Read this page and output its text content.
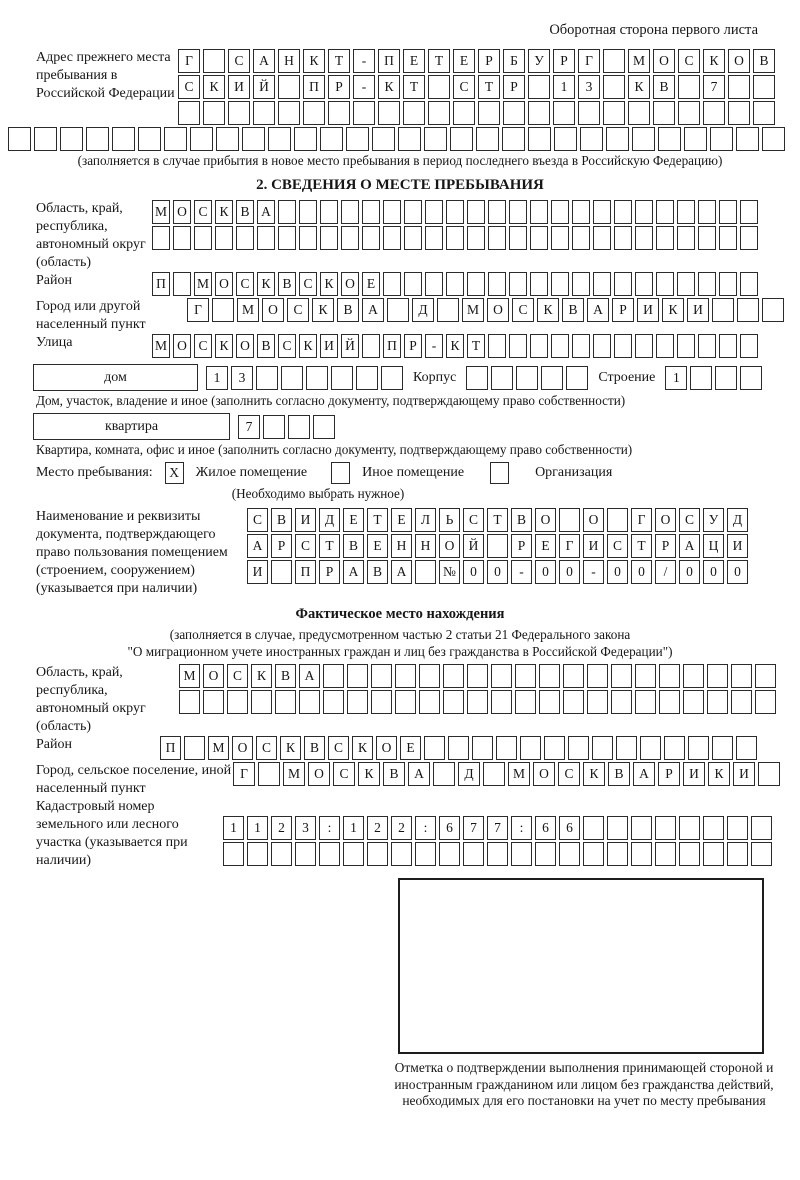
Оборотная сторона первого листа
Адрес прежнего места пребывания в Российской Федерации
Г	С	А	Н	К	Т	-	П	Е	Т	Е	Р	Б	У	Р	Г	М	О	С	К	О	В
С	К	И	Й	П	Р	-	К	Т	С	Т	Р	1	3	К	В	7
(заполняется в случае прибытия в новое место пребывания в период последнего въезда в Российскую Федерацию)
2. СВЕДЕНИЯ О МЕСТЕ ПРЕБЫВАНИЯ
Область, край, республика, автономный округ (область)
М О С К В А
Район	П	М О С К В С К О Е
Город или другой населенный пункт
Г	М	О	С	К	В	А	Д	М	О	С	К	В	А	Р	И	К	И
Улица	М О С К О В С К И Й	П Р	-	К Т
дом	1	3	Корпус	Строение	1
Дом, участок, владение и иное (заполнить согласно документу, подтверждающему право собственности)
квартира	7
Квартира, комната, офис и иное (заполнить согласно документу, подтверждающему право собственности)
Место пребывания:	X	Жилое помещение	Иное помещение	Организация
(Необходимо выбрать нужное)
Наименование и реквизиты документа, подтверждающего право пользования помещением (строением, сооружением) (указывается при наличии)
С	В	И	Д	Е	Т	Е	Л	Ь	С	Т	В	О	О	Г	О	С	У	Д
А	Р	С	Т	В	Е	Н	Н	О	Й	Р	Е	Г	И	С	Т	Р	А	Ц	И
И	П	Р	А	В	А	№	0	0	-	0	0	-	0	0	/	0	0	0
Фактическое место нахождения
(заполняется в случае, предусмотренном частью 2 статьи 21 Федерального закона
"О миграционном учете иностранных граждан и лиц без гражданства в Российской Федерации")
Область, край, республика, автономный округ (область)
М О	С	К	В	А
Район	П	М О	С	К	В	С	К	О	Е
Город, сельское поселение, иной населенный пункт
Г	М	О	С	К	В	А	Д	М	О	С	К	В	А	Р	И	К	И
Кадастровый номер земельного или лесного участка (указывается при наличии)
1	1	2	3	:	1	2	2	:	6	7	7	:	6	6
Отметка о подтверждении выполнения принимающей стороной и иностранным гражданином или лицом без гражданства действий, необходимых для его постановки на учет по месту пребывания
